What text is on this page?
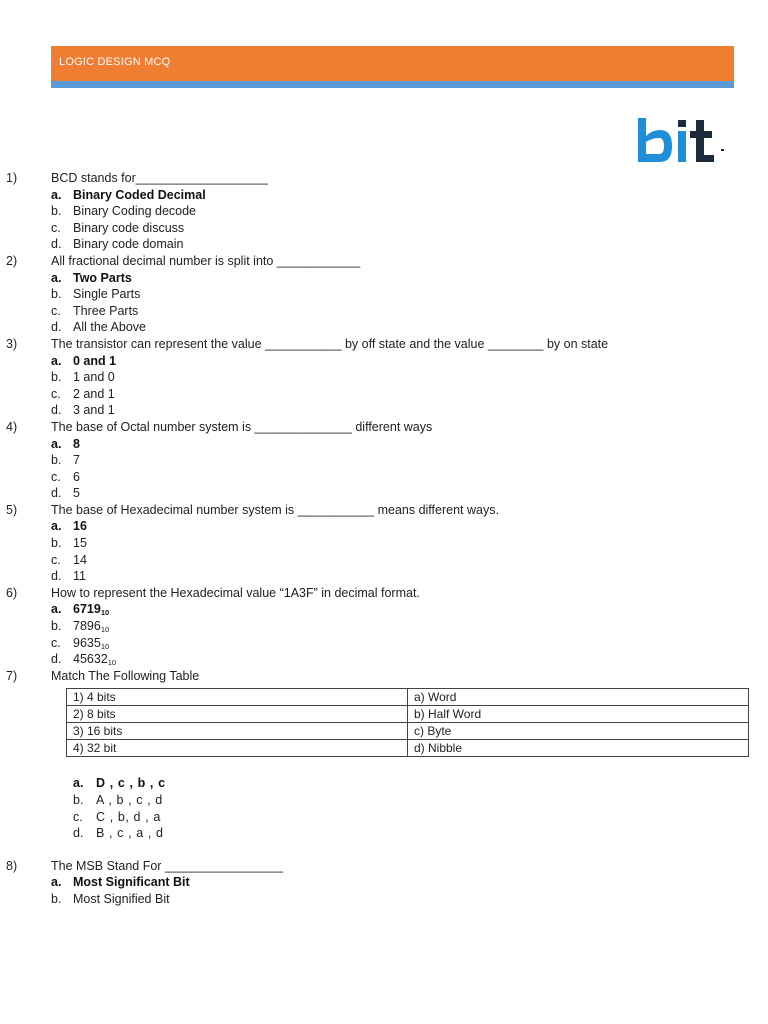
LOGIC DESIGN MCQ
1)	BCD stands for___________________
a. Binary Coded Decimal
b. Binary Coding decode
c. Binary code discuss
d. Binary code domain
2)	All fractional decimal number is split into ____________
a. Two Parts
b. Single Parts
c. Three Parts
d. All the Above
3)	The transistor can represent the value ___________ by off state and the value ________ by on state
a. 0 and 1
b. 1 and 0
c. 2 and 1
d. 3 and 1
4)	The base of Octal number system is ______________ different ways
a. 8
b. 7
c. 6
d. 5
5)	The base of Hexadecimal number system is ___________ means different ways.
a. 16
b. 15
c. 14
d. 11
6)	How to represent the Hexadecimal value “1A3F” in decimal format.
a. 671910
b. 789610
c. 963510
d. 4563210
7)	Match The Following Table
1) 4 bits	a) Word
2) 8 bits	b) Half Word
3) 16 bits	c) Byte
4) 32 bit	d) Nibble
a. D , c , b , c
b. A , b , c , d
c. C , b, d , a
d. B , c , a , d
8)	The MSB Stand For _________________
a. Most Significant Bit
b. Most Signified Bit
